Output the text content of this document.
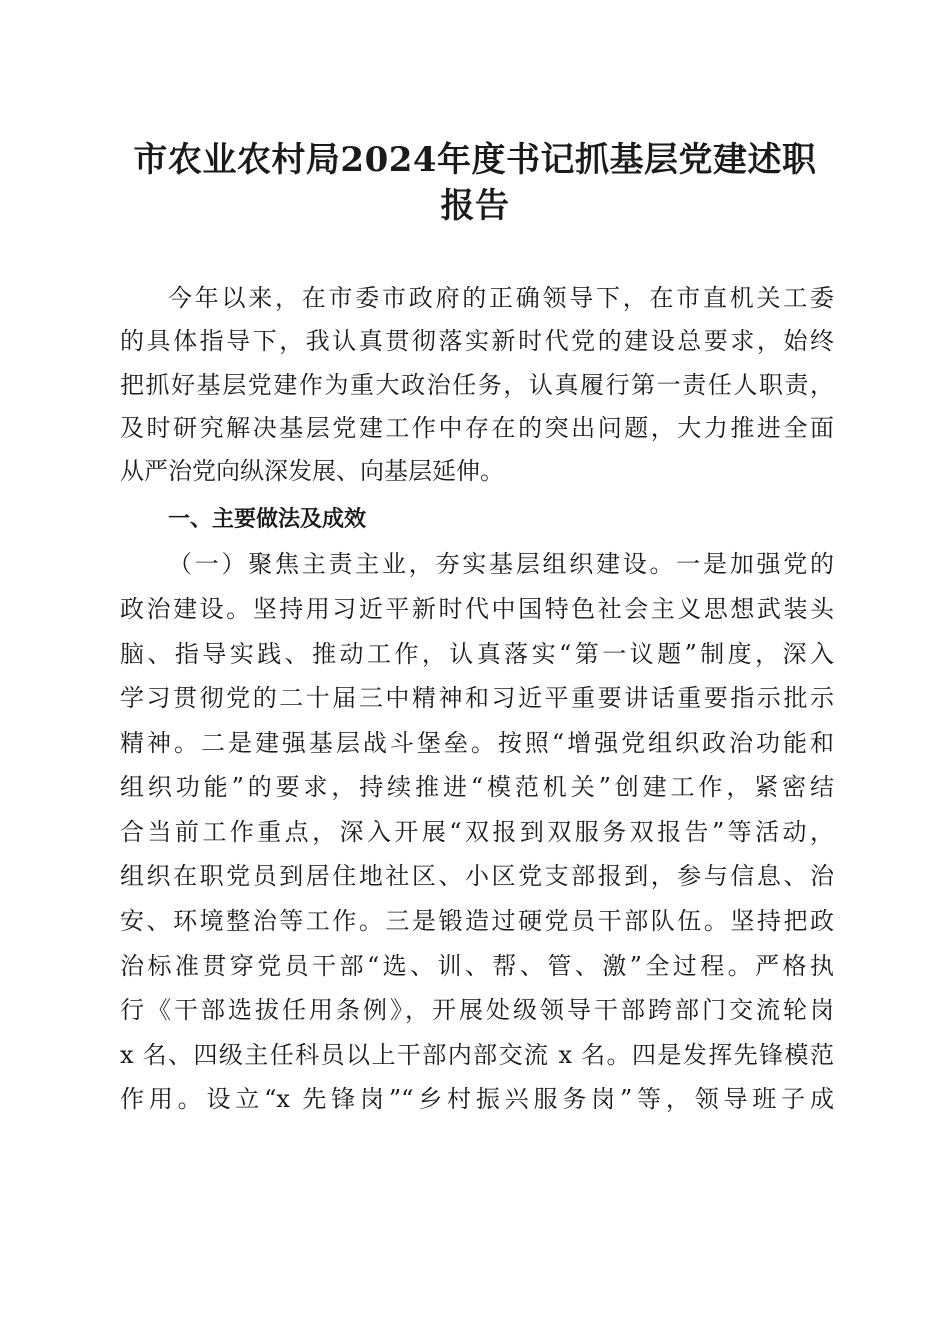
市农业农村局2024年度书记抓基层党建述职
报告

今年以来，在市委市政府的正确领导下，在市直机关工委

的具体指导下，我认真贯彻落实新时代党的建设总要求，始终

把抓好基层党建作为重大政治任务，认真履行第一责任人职责，

及时研究解决基层党建工作中存在的突出问题，大力推进全面

从严治党向纵深发展、向基层延伸。

一、主要做法及成效

（一）聚焦主责主业，夯实基层组织建设。一是加强党的

政治建设。坚持用习近平新时代中国特色社会主义思想武装头

脑、指导实践、推动工作，认真落实“第一议题”制度，深入

学习贯彻党的二十届三中精神和习近平重要讲话重要指示批示

精神。二是建强基层战斗堡垒。按照“增强党组织政治功能和

组织功能”的要求，持续推进“模范机关”创建工作，紧密结

合当前工作重点，深入开展“双报到双服务双报告”等活动，

组织在职党员到居住地社区、小区党支部报到，参与信息、治

安、环境整治等工作。三是锻造过硬党员干部队伍。坚持把政

治标准贯穿党员干部“选、训、帮、管、激”全过程。严格执

行《干部选拔任用条例》，开展处级领导干部跨部门交流轮岗

x 名、四级主任科员以上干部内部交流 x 名。四是发挥先锋模范

作用。设立“x 先锋岗”“乡村振兴服务岗”等，领导班子成
